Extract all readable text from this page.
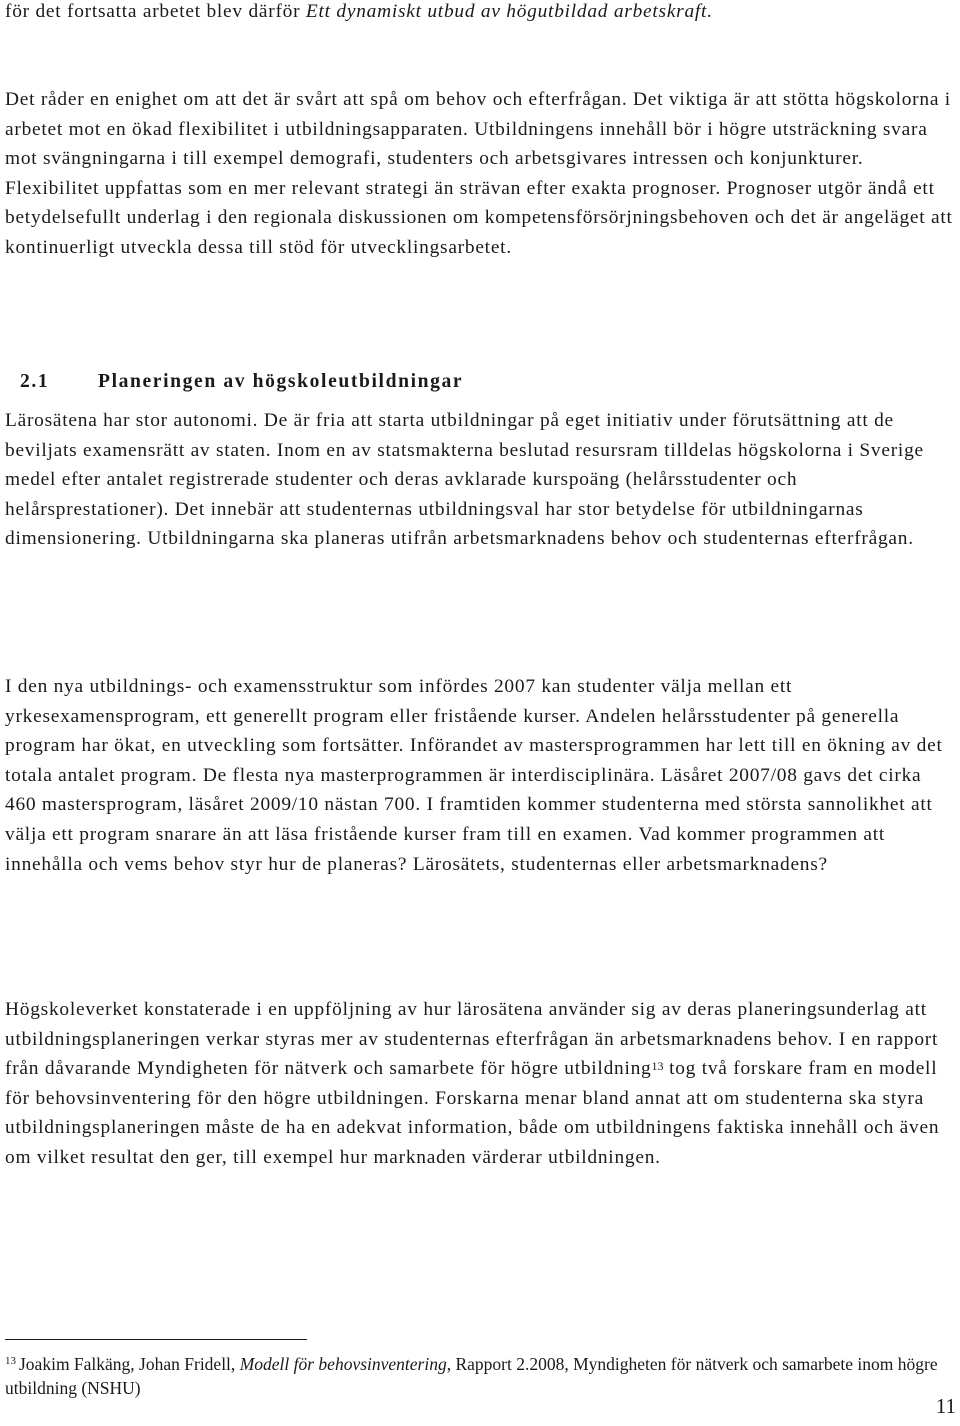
för det fortsatta arbetet blev därför Ett dynamiskt utbud av högutbildad arbetskraft.

Det råder en enighet om att det är svårt att spå om behov och efterfrågan. Det viktiga är att stötta högskolorna i arbetet mot en ökad flexibilitet i utbildningsapparaten. Utbildningens innehåll bör i högre utsträckning svara mot svängningarna i till exempel demografi, studenters och arbetsgivares intressen och konjunkturer. Flexibilitet uppfattas som en mer relevant strategi än strävan efter exakta prognoser. Prognoser utgör ändå ett betydelsefullt underlag i den regionala diskussionen om kompetensförsörjningsbehoven och det är angeläget att kontinuerligt utveckla dessa till stöd för utvecklingsarbetet.

2.1 Planeringen av högskoleutbildningar

Lärosätena har stor autonomi. De är fria att starta utbildningar på eget initiativ under förutsättning att de beviljats examensrätt av staten. Inom en av statsmakterna beslutad resursram tilldelas högskolorna i Sverige medel efter antalet registrerade studenter och deras avklarade kurspoäng (helårsstudenter och helårsprestationer). Det innebär att studenternas utbildningsval har stor betydelse för utbildningarnas dimensionering. Utbildningarna ska planeras utifrån arbetsmarknadens behov och studenternas efterfrågan.

I den nya utbildnings- och examensstruktur som infördes 2007 kan studenter välja mellan ett yrkesexamensprogram, ett generellt program eller fristående kurser. Andelen helårsstudenter på generella program har ökat, en utveckling som fortsätter. Införandet av mastersprogrammen har lett till en ökning av det totala antalet program. De flesta nya masterprogrammen är interdisciplinära. Läsåret 2007/08 gavs det cirka 460 mastersprogram, läsåret 2009/10 nästan 700. I framtiden kommer studenterna med största sannolikhet att välja ett program snarare än att läsa fristående kurser fram till en examen. Vad kommer programmen att innehålla och vems behov styr hur de planeras? Lärosätets, studenternas eller arbetsmarknadens?

Högskoleverket konstaterade i en uppföljning av hur lärosätena använder sig av deras planeringsunderlag att utbildningsplaneringen verkar styras mer av studenternas efterfrågan än arbetsmarknadens behov. I en rapport från dåvarande Myndigheten för nätverk och samarbete för högre utbildning$^{13}$ tog två forskare fram en modell för behovsinventering för den högre utbildningen. Forskarna menar bland annat att om studenterna ska styra utbildningsplaneringen måste de ha en adekvat information, både om utbildningens faktiska innehåll och även om vilket resultat den ger, till exempel hur marknaden värderar utbildningen.

$^{13}$ Joakim Falkäng, Johan Fridell, Modell för behovsinventering, Rapport 2.2008, Myndigheten för nätverk och samarbete inom högre utbildning (NSHU)

11
